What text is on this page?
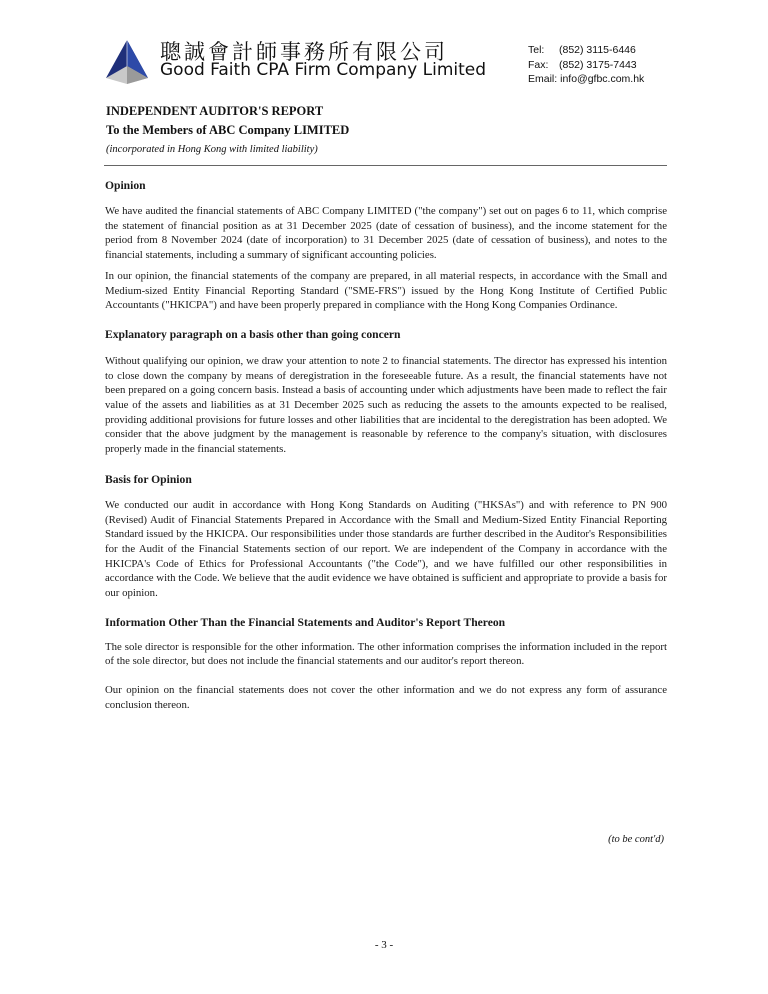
聰誠會計師事務所有限公司
Good Faith CPA Firm Company Limited
Tel: (852) 3115-6446
Fax: (852) 3175-7443
Email: info@gfbc.com.hk
INDEPENDENT AUDITOR'S REPORT
To the Members of ABC Company LIMITED
(incorporated in Hong Kong with limited liability)
Opinion

We have audited the financial statements of ABC Company LIMITED ("the company") set out on pages 6 to 11, which comprise the statement of financial position as at 31 December 2025 (date of cessation of business), and the income statement for the period from 8 November 2024 (date of incorporation) to 31 December 2025 (date of cessation of business), and notes to the financial statements, including a summary of significant accounting policies.

In our opinion, the financial statements of the company are prepared, in all material respects, in accordance with the Small and Medium-sized Entity Financial Reporting Standard ("SME-FRS") issued by the Hong Kong Institute of Certified Public Accountants ("HKICPA") and have been properly prepared in compliance with the Hong Kong Companies Ordinance.

Explanatory paragraph on a basis other than going concern

Without qualifying our opinion, we draw your attention to note 2 to financial statements. The director has expressed his intention to close down the company by means of deregistration in the foreseeable future. As a result, the financial statements have not been prepared on a going concern basis. Instead a basis of accounting under which adjustments have been made to reflect the fair value of the assets and liabilities as at 31 December 2025 such as reducing the assets to the amounts expected to be realised, providing additional provisions for future losses and other liabilities that are incidental to the deregistration has been adopted. We consider that the above judgment by the management is reasonable by reference to the company's situation, with disclosures properly made in the financial statements.

Basis for Opinion

We conducted our audit in accordance with Hong Kong Standards on Auditing ("HKSAs") and with reference to PN 900 (Revised) Audit of Financial Statements Prepared in Accordance with the Small and Medium-Sized Entity Financial Reporting Standard issued by the HKICPA. Our responsibilities under those standards are further described in the Auditor's Responsibilities for the Audit of the Financial Statements section of our report. We are independent of the Company in accordance with the HKICPA's Code of Ethics for Professional Accountants ("the Code"), and we have fulfilled our other responsibilities in accordance with the Code. We believe that the audit evidence we have obtained is sufficient and appropriate to provide a basis for our opinion.

Information Other Than the Financial Statements and Auditor's Report Thereon

The sole director is responsible for the other information. The other information comprises the information included in the report of the sole director, but does not include the financial statements and our auditor's report thereon.

Our opinion on the financial statements does not cover the other information and we do not express any form of assurance conclusion thereon.

(to be cont'd)
- 3 -
